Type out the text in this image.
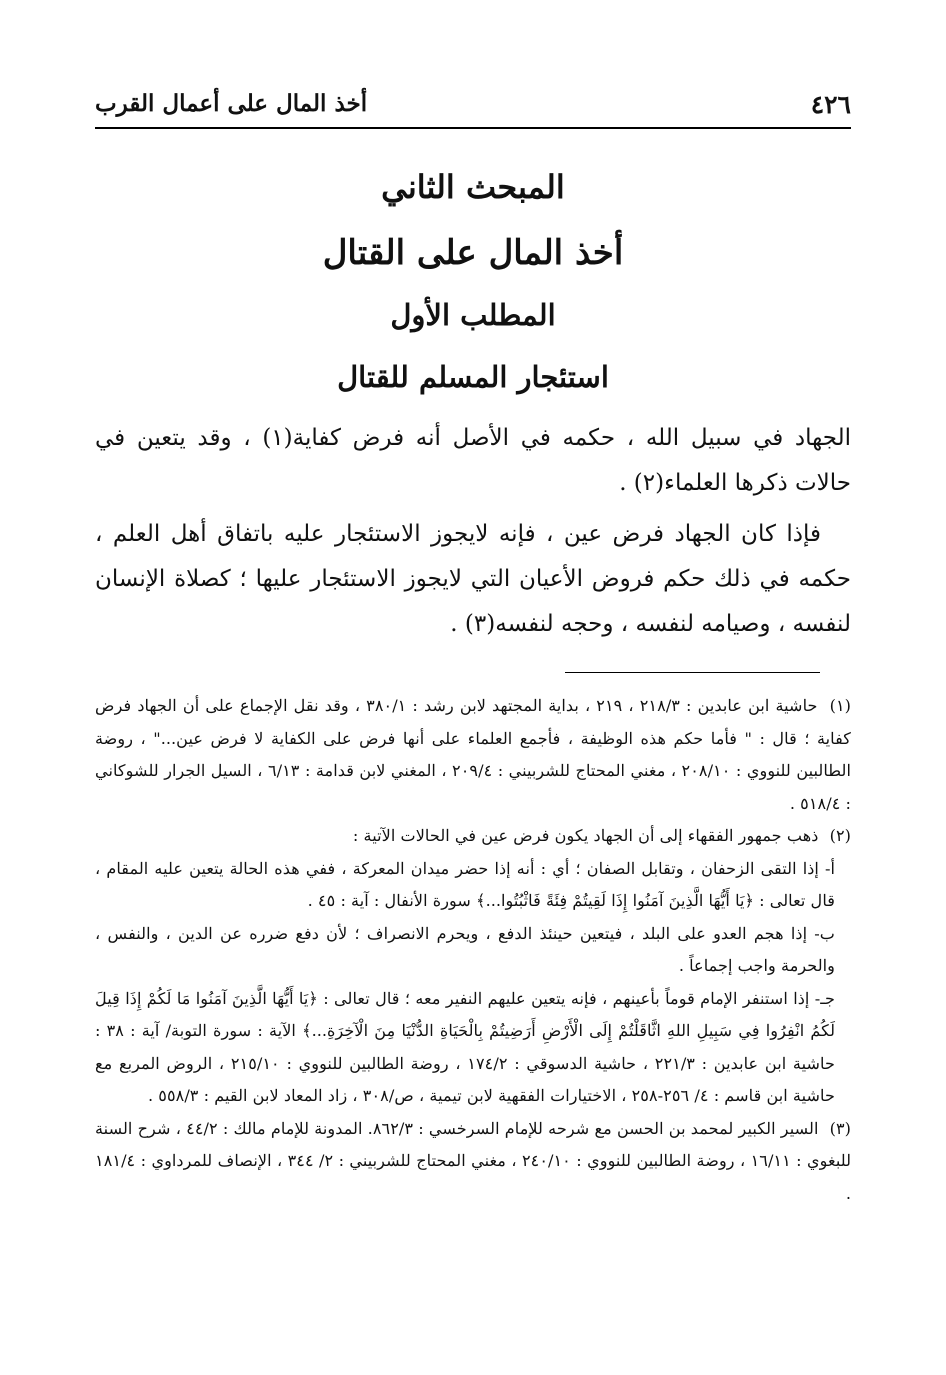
٤٢٦
أخذ المال على أعمال القرب
المبحث الثاني
أخذ المال على القتال
المطلب الأول
استئجار المسلم للقتال

الجهاد في سبيل الله ، حكمه في الأصل أنه فرض كفاية(١) ، وقد يتعين في حالات ذكرها العلماء(٢) .

فإذا كان الجهاد فرض عين ، فإنه لايجوز الاستئجار عليه باتفاق أهل العلم ، حكمه في ذلك حكم فروض الأعيان التي لايجوز الاستئجار عليها ؛ كصلاة الإنسان لنفسه ، وصيامه لنفسه ، وحجه لنفسه(٣) .

(١) حاشية ابن عابدين : ٢١٨/٣ ، ٢١٩ ، بداية المجتهد لابن رشد : ٣٨٠/١ ، وقد نقل الإجماع على أن الجهاد فرض كفاية ؛ قال : " فأما حكم هذه الوظيفة ، فأجمع العلماء على أنها فرض على الكفاية لا فرض عين..." ، روضة الطالبين للنووي : ٢٠٨/١٠ ، مغني المحتاج للشربيني : ٢٠٩/٤ ، المغني لابن قدامة : ٦/١٣ ، السيل الجرار للشوكاني : ٥١٨/٤ .

(٢) ذهب جمهور الفقهاء إلى أن الجهاد يكون فرض عين في الحالات الآتية :

أ- إذا التقى الزحفان ، وتقابل الصفان ؛ أي : أنه إذا حضر ميدان المعركة ، ففي هذه الحالة يتعين عليه المقام ، قال تعالى : ﴿يَا أَيُّهَا الَّذِينَ آمَنُوا إِذَا لَقِيتُمْ فِئَةً فَاثْبُتُوا...﴾ سورة الأنفال : آية : ٤٥ .

ب- إذا هجم العدو على البلد ، فيتعين حينئذ الدفع ، ويحرم الانصراف ؛ لأن دفع ضرره عن الدين ، والنفس ، والحرمة واجب إجماعاً .

جـ- إذا استنفر الإمام قوماً بأعينهم ، فإنه يتعين عليهم النفير معه ؛ قال تعالى : ﴿يَا أَيُّهَا الَّذِينَ آمَنُوا مَا لَكُمْ إِذَا قِيلَ لَكُمُ انْفِرُوا فِي سَبِيلِ اللهِ اثَّاقَلْتُمْ إِلَى الْأَرْضِ أَرَضِيتُمْ بِالْحَيَاةِ الدُّنْيَا مِنَ الْآخِرَةِ...﴾ الآية : سورة التوبة/ آية : ٣٨ : حاشية ابن عابدين : ٢٢١/٣ ، حاشية الدسوقي : ١٧٤/٢ ، روضة الطالبين للنووي : ٢١٥/١٠ ، الروض المربع مع حاشية ابن قاسم : ٤/ ٢٥٦-٢٥٨ ، الاختيارات الفقهية لابن تيمية ، ص/٣٠٨ ، زاد المعاد لابن القيم : ٥٥٨/٣ .

(٣) السير الكبير لمحمد بن الحسن مع شرحه للإمام السرخسي : ٨٦٢/٣. المدونة للإمام مالك : ٤٤/٢ ، شرح السنة للبغوي : ١٦/١١ ، روضة الطالبين للنووي : ٢٤٠/١٠ ، مغني المحتاج للشربيني : ٢/ ٣٤٤ ، الإنصاف للمرداوي : ١٨١/٤ .
